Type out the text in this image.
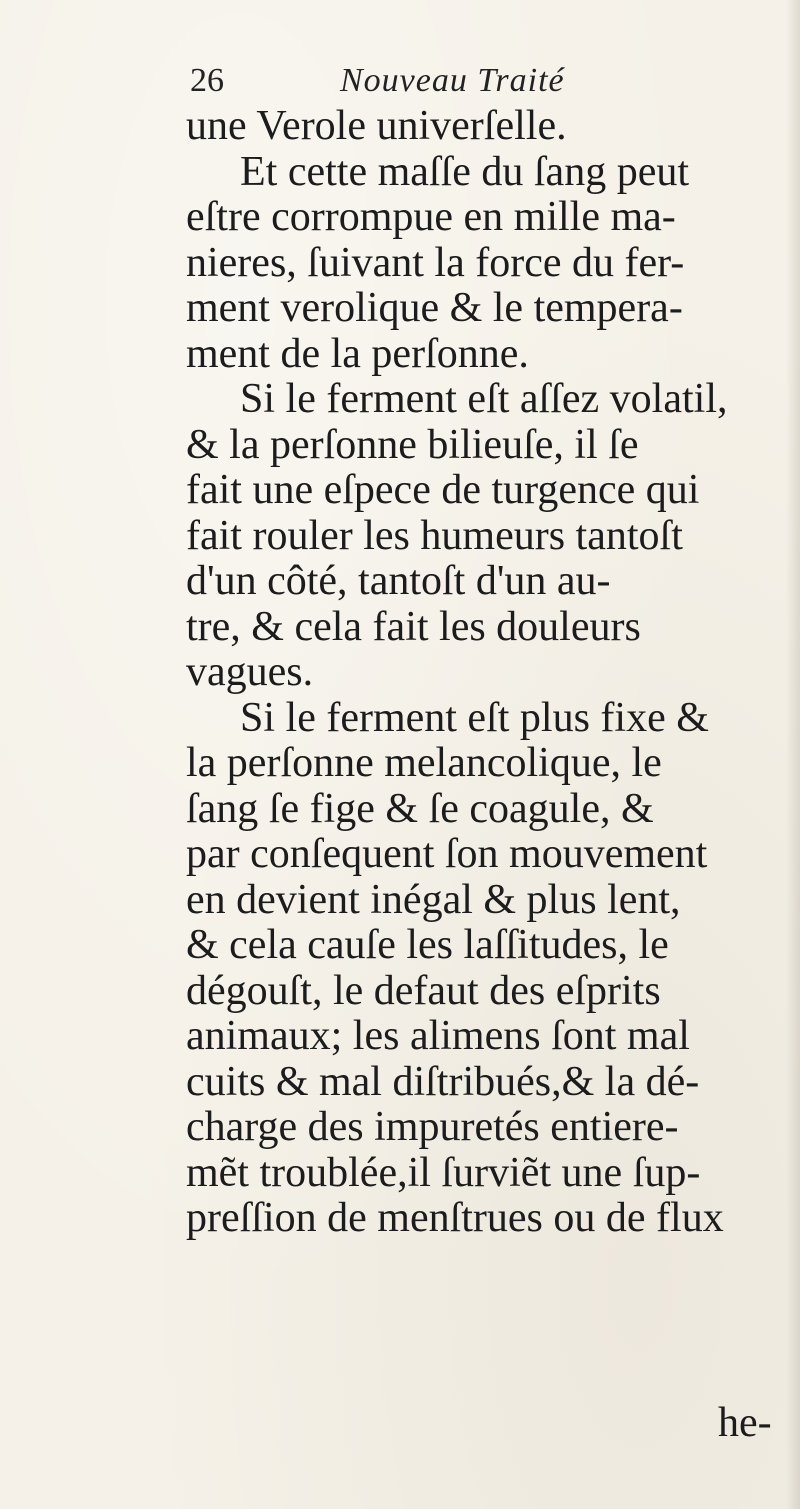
26	Nouveau Traité
une Verole univerſelle.
Et cette maſſe du ſang peut
eſtre corrompue en mille ma-
nieres, ſuivant la force du fer-
ment verolique & le tempera-
ment de la perſonne.
Si le ferment eſt aſſez volatil,
& la perſonne bilieuſe, il ſe
fait une eſpece de turgence qui
fait rouler les humeurs tantoſt
d'un côté, tantoſt d'un au-
tre, & cela fait les douleurs
vagues.
Si le ferment eſt plus fixe &
la perſonne melancolique, le
ſang ſe fige & ſe coagule, &
par conſequent ſon mouvement
en devient inégal & plus lent,
& cela cauſe les laſſitudes, le
dégouſt, le defaut des eſprits
animaux; les alimens ſont mal
cuits & mal diſtribués,& la dé-
charge des impuretés entiere-
mẽt troublée,il ſurviẽt une ſup-
preſſion de menſtrues ou de flux
he-
